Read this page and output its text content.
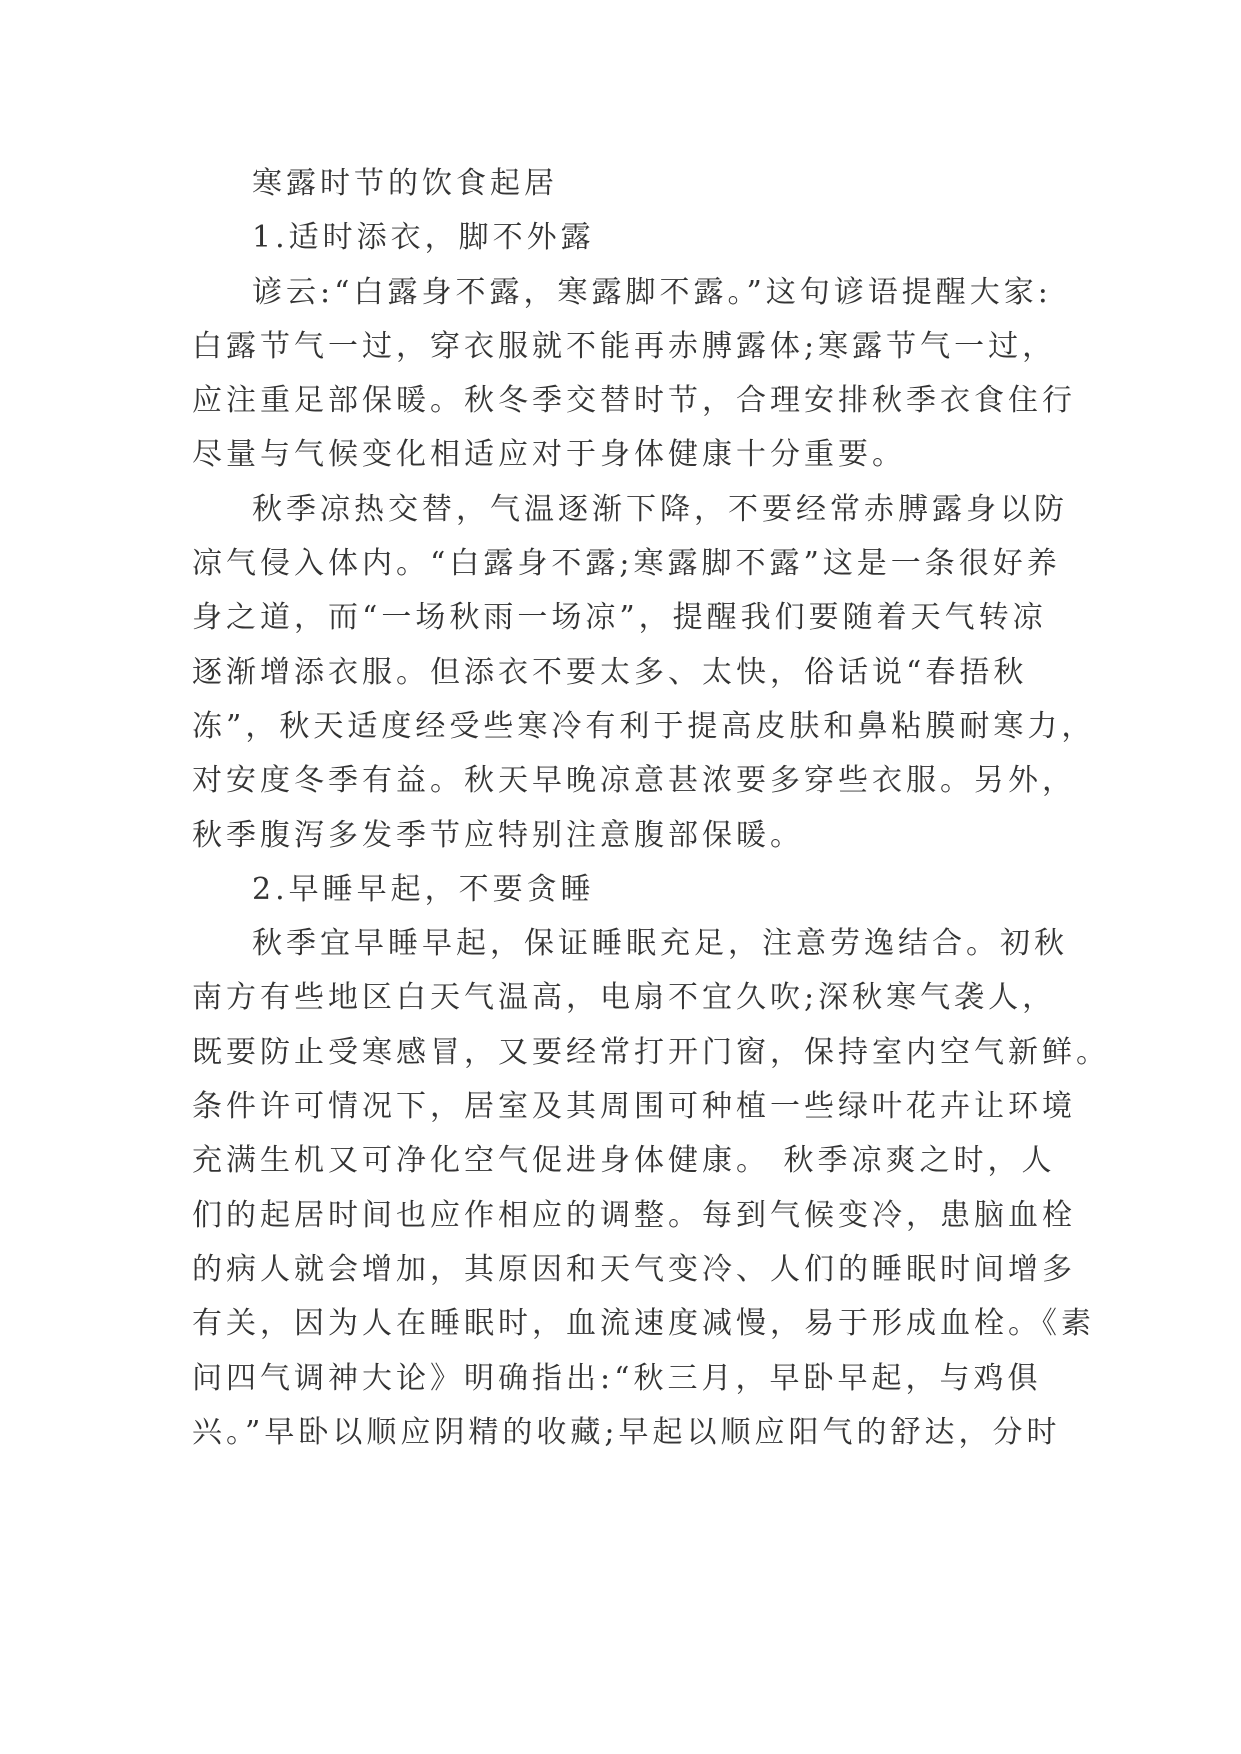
寒露时节的饮食起居
1.适时添衣，脚不外露
谚云:“白露身不露，寒露脚不露。”这句谚语提醒大家:
白露节气一过，穿衣服就不能再赤膊露体;寒露节气一过，
应注重足部保暖。秋冬季交替时节，合理安排秋季衣食住行
尽量与气候变化相适应对于身体健康十分重要。
秋季凉热交替，气温逐渐下降，不要经常赤膊露身以防
凉气侵入体内。“白露身不露;寒露脚不露”这是一条很好养
身之道，而“一场秋雨一场凉”，提醒我们要随着天气转凉
逐渐增添衣服。但添衣不要太多、太快，俗话说“春捂秋
冻”，秋天适度经受些寒冷有利于提高皮肤和鼻粘膜耐寒力，
对安度冬季有益。秋天早晚凉意甚浓要多穿些衣服。另外，
秋季腹泻多发季节应特别注意腹部保暖。
2.早睡早起，不要贪睡
秋季宜早睡早起，保证睡眠充足，注意劳逸结合。初秋
南方有些地区白天气温高，电扇不宜久吹;深秋寒气袭人，
既要防止受寒感冒，又要经常打开门窗，保持室内空气新鲜。
条件许可情况下，居室及其周围可种植一些绿叶花卉让环境
充满生机又可净化空气促进身体健康。 秋季凉爽之时，人
们的起居时间也应作相应的调整。每到气候变冷，患脑血栓
的病人就会增加，其原因和天气变冷、人们的睡眠时间增多
有关，因为人在睡眠时，血流速度减慢，易于形成血栓。《素
问四气调神大论》明确指出:“秋三月，早卧早起，与鸡俱
兴。”早卧以顺应阴精的收藏;早起以顺应阳气的舒达，分时
